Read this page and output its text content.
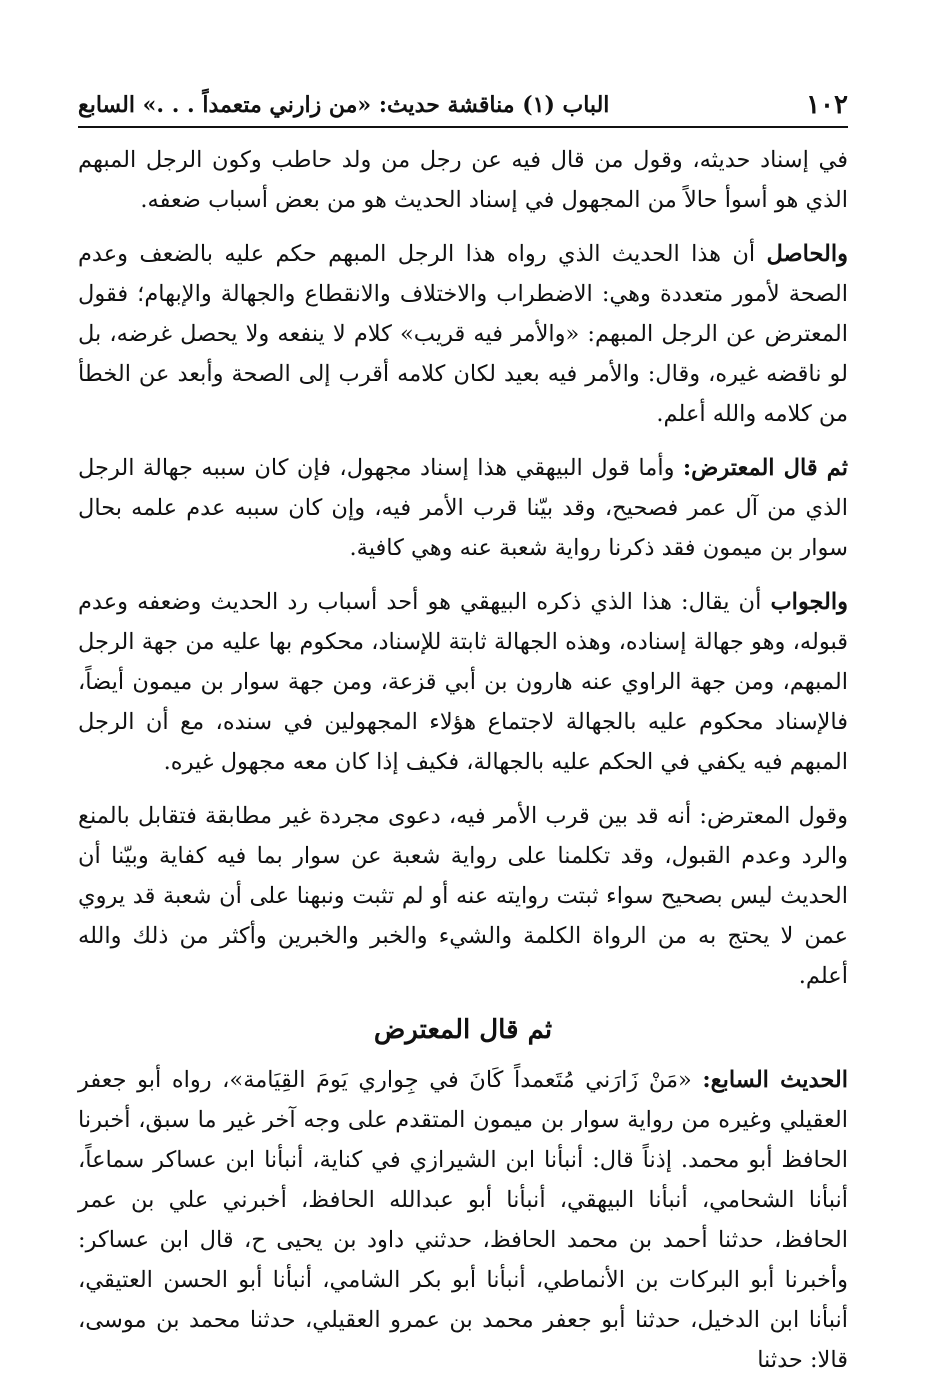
١٠٢
الباب (١) مناقشة حديث: «من زارني متعمداً . . .» السابع

في إسناد حديثه، وقول من قال فيه عن رجل من ولد حاطب وكون الرجل المبهم الذي هو أسوأ حالاً من المجهول في إسناد الحديث هو من بعض أسباب ضعفه.

والحاصل أن هذا الحديث الذي رواه هذا الرجل المبهم حكم عليه بالضعف وعدم الصحة لأمور متعددة وهي: الاضطراب والاختلاف والانقطاع والجهالة والإبهام؛ فقول المعترض عن الرجل المبهم: «والأمر فيه قريب» كلام لا ينفعه ولا يحصل غرضه، بل لو ناقضه غيره، وقال: والأمر فيه بعيد لكان كلامه أقرب إلى الصحة وأبعد عن الخطأ من كلامه والله أعلم.

ثم قال المعترض: وأما قول البيهقي هذا إسناد مجهول، فإن كان سببه جهالة الرجل الذي من آل عمر فصحيح، وقد بيّنا قرب الأمر فيه، وإن كان سببه عدم علمه بحال سوار بن ميمون فقد ذكرنا رواية شعبة عنه وهي كافية.

والجواب أن يقال: هذا الذي ذكره البيهقي هو أحد أسباب رد الحديث وضعفه وعدم قبوله، وهو جهالة إسناده، وهذه الجهالة ثابتة للإسناد، محكوم بها عليه من جهة الرجل المبهم، ومن جهة الراوي عنه هارون بن أبي قزعة، ومن جهة سوار بن ميمون أيضاً، فالإسناد محكوم عليه بالجهالة لاجتماع هؤلاء المجهولين في سنده، مع أن الرجل المبهم فيه يكفي في الحكم عليه بالجهالة، فكيف إذا كان معه مجهول غيره.

وقول المعترض: أنه قد بين قرب الأمر فيه، دعوى مجردة غير مطابقة فتقابل بالمنع والرد وعدم القبول، وقد تكلمنا على رواية شعبة عن سوار بما فيه كفاية وبيّنا أن الحديث ليس بصحيح سواء ثبتت روايته عنه أو لم تثبت ونبهنا على أن شعبة قد يروي عمن لا يحتج به من الرواة الكلمة والشيء والخبر والخبرين وأكثر من ذلك والله أعلم.

ثم قال المعترض

الحديث السابع: «مَنْ زَارَني مُتَعمداً كَانَ في جِواري يَومَ القِيَامة»، رواه أبو جعفر العقيلي وغيره من رواية سوار بن ميمون المتقدم على وجه آخر غير ما سبق، أخبرنا الحافظ أبو محمد. إذناً قال: أنبأنا ابن الشيرازي في كناية، أنبأنا ابن عساكر سماعاً، أنبأنا الشحامي، أنبأنا البيهقي، أنبأنا أبو عبدالله الحافظ، أخبرني علي بن عمر الحافظ، حدثنا أحمد بن محمد الحافظ، حدثني داود بن يحيى ح، قال ابن عساكر: وأخبرنا أبو البركات بن الأنماطي، أنبأنا أبو بكر الشامي، أنبأنا أبو الحسن العتيقي، أنبأنا ابن الدخيل، حدثنا أبو جعفر محمد بن عمرو العقيلي، حدثنا محمد بن موسى، قالا: حدثنا
